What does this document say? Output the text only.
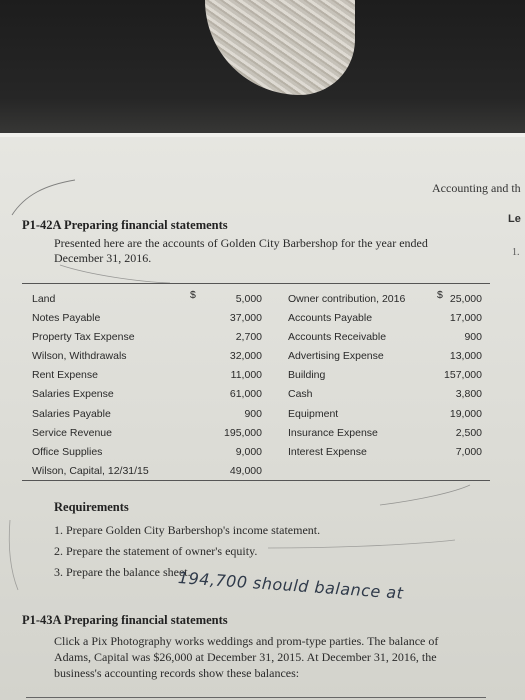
Accounting and th
Le
1.
P1-42A Preparing financial statements
Presented here are the accounts of Golden City Barbershop for the year ended December 31, 2016.
Land
Notes Payable
Property Tax Expense
Wilson, Withdrawals
Rent Expense
Salaries Expense
Salaries Payable
Service Revenue
Office Supplies
Wilson, Capital, 12/31/15
5,000
37,000
2,700
32,000
11,000
61,000
900
195,000
9,000
49,000
Owner contribution, 2016
Accounts Payable
Accounts Receivable
Advertising Expense
Building
Cash
Equipment
Insurance Expense
Interest Expense
25,000
17,000
900
13,000
157,000
3,800
19,000
2,500
7,000
$	$
Requirements
1. Prepare Golden City Barbershop's income statement.
2. Prepare the statement of owner's equity.
3. Prepare the balance sheet.
194,700 should balance at
P1-43A Preparing financial statements
Click a Pix Photography works weddings and prom-type parties. The balance of Adams, Capital was $26,000 at December 31, 2015. At December 31, 2016, the business's accounting records show these balances:
